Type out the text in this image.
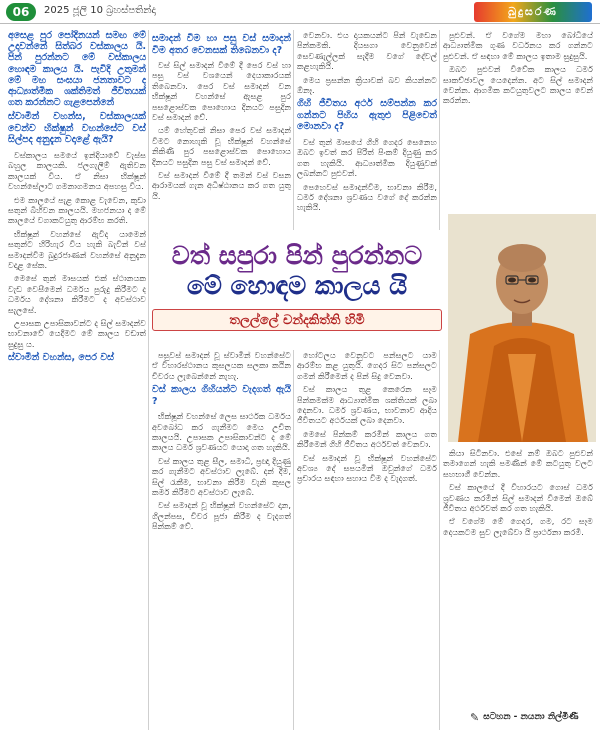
06	2025 ජූලි 10 බ්‍රහස්පතින්දා	බුදුසරණ

අසෙළ පුර පෝදිනයන් සමඟ මේ උදාවන්නේ සිත්බර වස්කාලය යි. පින් පුරන්නට මේ වස්කාලය හොඳම කාලය යි. පැවිදි උතුමන් මේ මහ සංඝයා ජනතාවට ද ආධ්‍යාත්මික ශක්තිමත් ජීවිතයක් ගත කරන්නට ගැළපෙන්නේ

ස්වාමීන් වහන්ස, වස්කාලයක් වෙන්ව භික්ෂුන් වහන්සේට වස් සිල්පද අනුදැන වදාළේ ඇයි?

වස්කාලය සමයේ ඉන්දියාවේ වැස්ස බහුල කාලයකි. ජලගැලීම් ඇතිවන කාලයක් විය. ඒ නිසා භික්ෂූන් වහන්සේලාට ගමනාගමනය අපහසු විය.

එම කාලයේ පැළ කොළ වැවෙන, කුඩා සතුන් බිහිවන කාලයයි. මහජනයා ද මේ කාලයේ වගාකටයුතු ආරම්භ කරති.

භික්ෂූන් වහන්සේ ඇවිද යාමෙන් සතුන්ට හිරිහැර විය හැකි බැවින් වස් සමාදන්වීම බුදුරජාණන් වහන්සේ අනුදැන වදාළ සේක.

මෙසේ තුන් මාසයක් එක් ස්ථානයක වැඩ වෙසීමෙන් ධර්මය පුරුදු කිරීමට ද ධර්මය දේශනා කිරීමට ද අවස්ථාව සැලසේ.

උපාසක උපාසිකාවන්ට ද සිල් සමාදන්ව භාවනාවේ යෙදීමට මේ කාලය වඩාත් සුදුසු ය.

ස්වාමීන් වහන්ස, පෙර වස්

සමාදන් වීම හා පසු වස් සමාදන් වීම අතර වෙනසක් තිබෙනවා ද?

වස් සිල් සමාදන් වීමේ දී පෙර වස් හා පසු වස් වශයෙන් දෙයාකාරයක් තිබෙනවා. පෙර වස් සමාදන් වන භික්ෂූන් වහන්සේ ඇසළ පුර පසළොස්වක පොහොය දිනයට පසුදින වස් සමාදන් වේ.

යම් හේතුවක් නිසා පෙර වස් සමාදන් වීමට නොහැකි වූ භික්ෂූන් වහන්සේ නිකිණි පුර පසළොස්වක පොහොය දිනයට පසුදින පසු වස් සමාදන් වේ.

වස් සමාදන් වීමේ දී තමන් වස් වසන ආරාමයක් ගැන අධිෂ්ඨානය කර ගත යුතු යි.

වෙනවා. එය දායකයන්ට පින් වැඩෙන පින්කමකි. දියසගා වෙනුවෙන් සෙවණැල්ලක් සැදීම වගේ දේවල් කළහැකියි.

මෙය ප්‍රසන්න ක්‍රියාවක් බව කියන්නට ඕනෑ.

ගිහි ජීවිතය අර්ථ සම්පන්න කර ගන්නට පිහිය ඇතුළු පිළිවෙත් මොනවා ද?

වස් තුන් මාසයේ ගිහි ගෙදර සෙනෙහ ඔබට ඉවත් කර පිරිත් පිංකම් දියුණු කර ගත හැකියි. ආධ්‍යාත්මික දියුණුවක් ලබන්නට පුළුවන්.

පෙහෙවස් සමාදන්වීම, භාවනා කිරීම, ධර්ම දේශනා ශ්‍රවණය වගේ දේ කරන්න හැකියි.

පුළුවන්. ඒ වගේම මහා බෝධියේ ආධ්‍යාත්මික ගුණ වර්ධනය කර ගන්නට පුළුවන්. ඒ සඳහා මේ කාලය ඉතාම සුදුසුයි.

ඔබට පුළුවන් විවේක කාලය ධර්ම සාකච්ඡාවල යෙදෙන්න. අට සිල් සමාදන් වෙන්න. ආගමික කටයුතුවලට කාලය වෙන් කරන්න.

වත් සපුරා පින් පුරන්නට
මේ හොඳම කාලය යි
තලල්ලේ චන්දකිත්ති හිමි

පසුවස් සමාදන් වූ ස්වාමීන් වහන්සේට ඒ විහාරස්ථානය කුසලයක සලකා කඨින චීවරය ලැබෙන්නේ නැහැ.

වස් කාලය ගිහියන්ට වැදගත් ඇයි ?

භික්ෂූන් වහන්සේ ලෙස සාර්ථක ධර්මය අවබෝධ කර ගැනීමට මෙය උචිත කාලයයි. උපාසක උපාසිකාවන්ට ද මේ කාලය ධර්ම ශ්‍රවණයට යොදා ගත හැකියි.

වස් කාලය තුළ සීල, සමාධි, ප්‍රඥා දියුණු කර ගැනීමට අවස්ථාව ලැබේ. දන් දීම, සිල් රැකීම, භාවනා කිරීම වැනි කුසල කර්ම කිරීමට අවස්ථාව ලැබේ.

වස් සමාදන් වූ භික්ෂූන් වහන්සේට දාන, ගිලන්පස, චීවර පූජා කිරීම ද වැදගත් පින්කම් වේ.

හෝටලය වෙනුවට පන්සලට යාම ආරම්භ කළ යුතුයි. ගෙදර සිට පන්සලට ගමන් කිරීමෙන් ද පින් සිදු වෙනවා.

වස් කාලය තුළ කෙරෙන සෑම පින්කමක්ම ආධ්‍යාත්මික ශක්තියක් ලබා දෙනවා. ධර්ම ශ්‍රවණය, භාවනාව ආදිය ජීවිතයට අර්ථයක් ලබා දෙනවා.

මෙසේ පින්කම් කරමින් කාලය ගත කිරීමෙන් ගිහි ජීවිතය අර්ථවත් වෙනවා.

වස් සමාදන් වූ භික්ෂූන් වහන්සේට අවශ්‍ය දේ සපයමින් ඔවුන්ගේ ධර්ම ප්‍රචාරය සඳහා සහාය වීම ද වැදගත්.

කියා සිටිනවා. එසේ නම් ඔබට පුළුවන් තමාගෙන් හැකි පමණින් මේ කටයුතු වලට සහභාගී වෙන්න.

වස් කාලයේ දී විහාරයට ගොස් ධර්ම ශ්‍රවණය කරමින් සිල් සමාදන් වීමෙන් ඔබේ ජීවිතය අර්ථවත් කර ගත හැකියි.

ඒ වගේම මේ ගෙදර, ගම, රට සෑම දෙයකටම සුව ලැබේවා යි ප්‍රාර්ථනා කරමි.

✎ සටහන - නයනා නිල්මිණී
